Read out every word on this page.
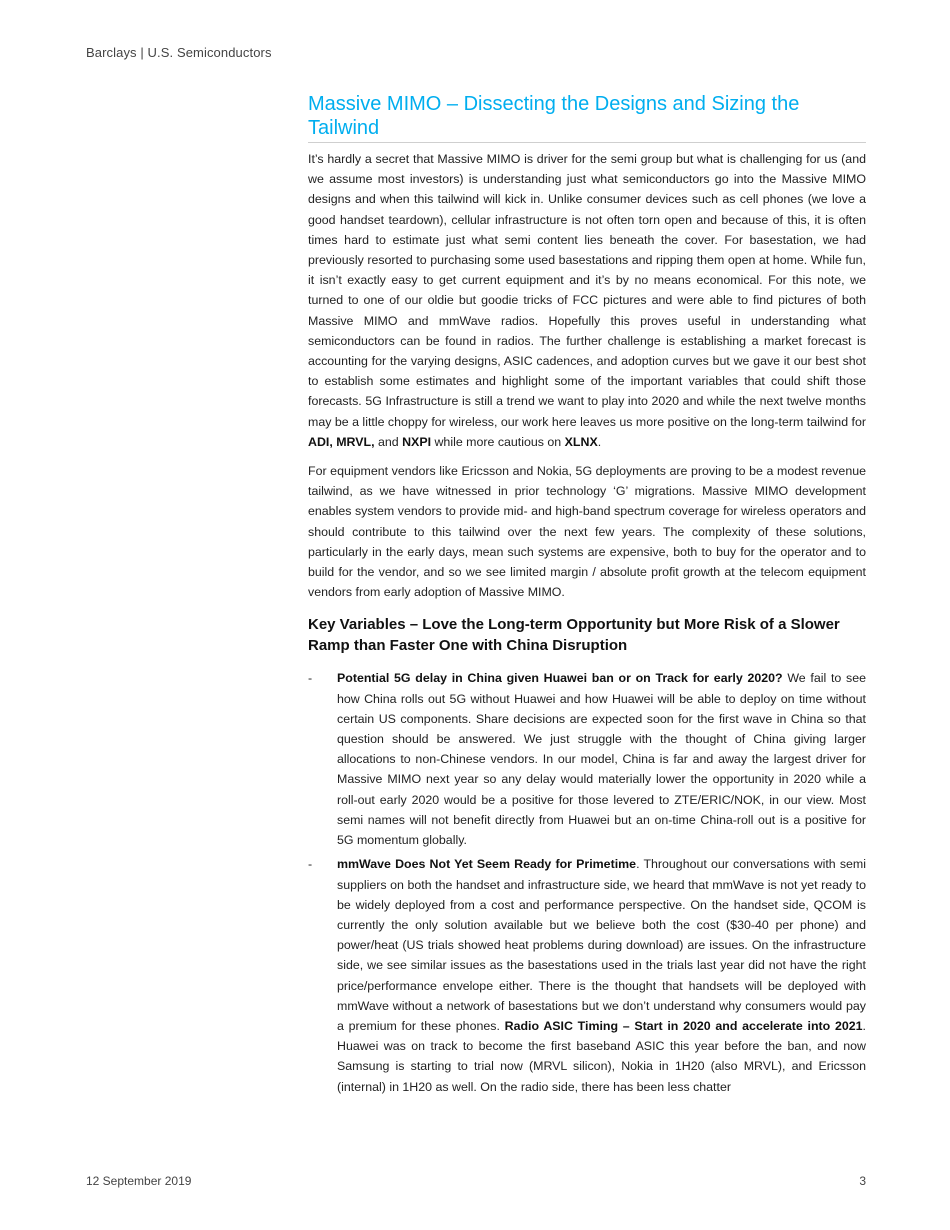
Barclays | U.S. Semiconductors
Massive MIMO – Dissecting the Designs and Sizing the Tailwind

It’s hardly a secret that Massive MIMO is driver for the semi group but what is challenging for us (and we assume most investors) is understanding just what semiconductors go into the Massive MIMO designs and when this tailwind will kick in. Unlike consumer devices such as cell phones (we love a good handset teardown), cellular infrastructure is not often torn open and because of this, it is often times hard to estimate just what semi content lies beneath the cover. For basestation, we had previously resorted to purchasing some used basestations and ripping them open at home. While fun, it isn’t exactly easy to get current equipment and it’s by no means economical. For this note, we turned to one of our oldie but goodie tricks of FCC pictures and were able to find pictures of both Massive MIMO and mmWave radios. Hopefully this proves useful in understanding what semiconductors can be found in radios. The further challenge is establishing a market forecast is accounting for the varying designs, ASIC cadences, and adoption curves but we gave it our best shot to establish some estimates and highlight some of the important variables that could shift those forecasts. 5G Infrastructure is still a trend we want to play into 2020 and while the next twelve months may be a little choppy for wireless, our work here leaves us more positive on the long-term tailwind for ADI, MRVL, and NXPI while more cautious on XLNX.

For equipment vendors like Ericsson and Nokia, 5G deployments are proving to be a modest revenue tailwind, as we have witnessed in prior technology ‘G’ migrations. Massive MIMO development enables system vendors to provide mid- and high-band spectrum coverage for wireless operators and should contribute to this tailwind over the next few years. The complexity of these solutions, particularly in the early days, mean such systems are expensive, both to buy for the operator and to build for the vendor, and so we see limited margin / absolute profit growth at the telecom equipment vendors from early adoption of Massive MIMO.

Key Variables – Love the Long-term Opportunity but More Risk of a Slower Ramp than Faster One with China Disruption
- Potential 5G delay in China given Huawei ban or on Track for early 2020? We fail to see how China rolls out 5G without Huawei and how Huawei will be able to deploy on time without certain US components. Share decisions are expected soon for the first wave in China so that question should be answered. We just struggle with the thought of China giving larger allocations to non-Chinese vendors. In our model, China is far and away the largest driver for Massive MIMO next year so any delay would materially lower the opportunity in 2020 while a roll-out early 2020 would be a positive for those levered to ZTE/ERIC/NOK, in our view. Most semi names will not benefit directly from Huawei but an on-time China-roll out is a positive for 5G momentum globally.
- mmWave Does Not Yet Seem Ready for Primetime. Throughout our conversations with semi suppliers on both the handset and infrastructure side, we heard that mmWave is not yet ready to be widely deployed from a cost and performance perspective. On the handset side, QCOM is currently the only solution available but we believe both the cost ($30-40 per phone) and power/heat (US trials showed heat problems during download) are issues. On the infrastructure side, we see similar issues as the basestations used in the trials last year did not have the right price/performance envelope either. There is the thought that handsets will be deployed with mmWave without a network of basestations but we don’t understand why consumers would pay a premium for these phones. Radio ASIC Timing – Start in 2020 and accelerate into 2021. Huawei was on track to become the first baseband ASIC this year before the ban, and now Samsung is starting to trial now (MRVL silicon), Nokia in 1H20 (also MRVL), and Ericsson (internal) in 1H20 as well. On the radio side, there has been less chatter
12 September 2019	3
